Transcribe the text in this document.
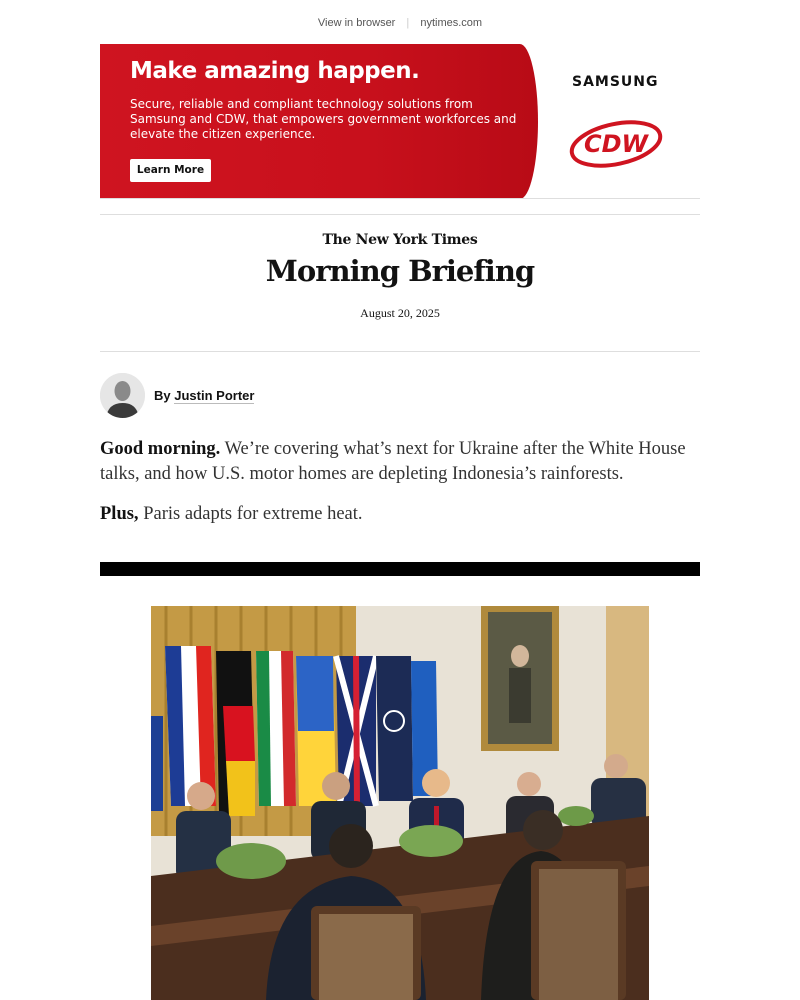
View in browser | nytimes.com
Make amazing happen.
Secure, reliable and compliant technology solutions from Samsung and CDW, that empowers government workforces and elevate the citizen experience.
Learn More
SAMSUNG
CDW
The New York Times
Morning Briefing
August 20, 2025
By Justin Porter
Good morning. We’re covering what’s next for Ukraine after the White House talks, and how U.S. motor homes are depleting Indonesia’s rainforests.
Plus, Paris adapts for extreme heat.
